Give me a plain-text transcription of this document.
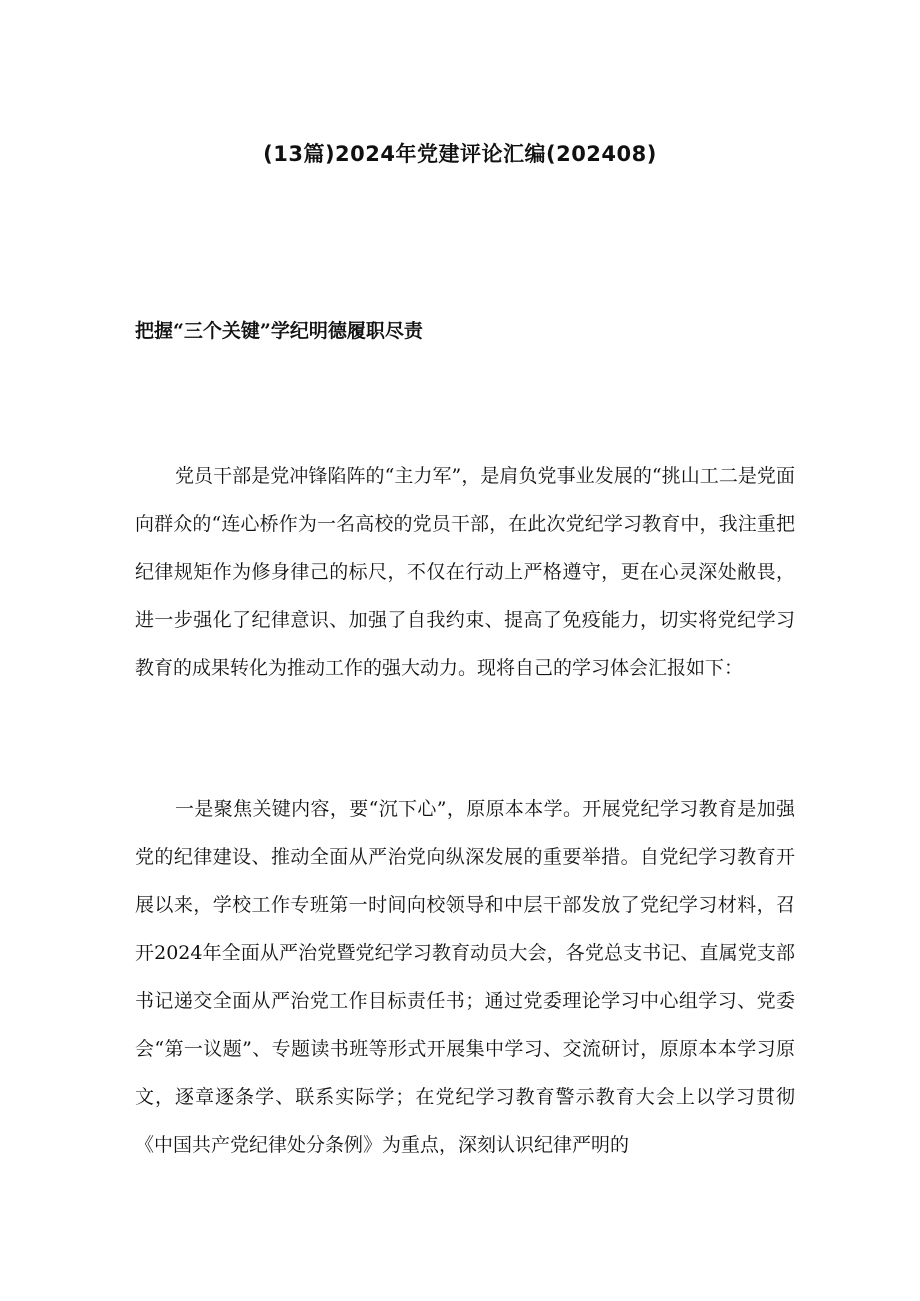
(13篇)2024年党建评论汇编(202408)
把握“三个关键”学纪明德履职尽责

党员干部是党冲锋陷阵的“主力军”，是肩负党事业发展的“挑山工二是党面向群众的“连心桥作为一名高校的党员干部，在此次党纪学习教育中，我注重把纪律规矩作为修身律己的标尺，不仅在行动上严格遵守，更在心灵深处敝畏，进一步强化了纪律意识、加强了自我约束、提高了免疫能力，切实将党纪学习教育的成果转化为推动工作的强大动力。现将自己的学习体会汇报如下：

一是聚焦关键内容，要“沉下心”，原原本本学。开展党纪学习教育是加强党的纪律建设、推动全面从严治党向纵深发展的重要举措。自党纪学习教育开展以来，学校工作专班第一时间向校领导和中层干部发放了党纪学习材料，召开2024年全面从严治党暨党纪学习教育动员大会，各党总支书记、直属党支部书记递交全面从严治党工作目标责任书；通过党委理论学习中心组学习、党委会“第一议题”、专题读书班等形式开展集中学习、交流研讨，原原本本学习原文，逐章逐条学、联系实际学；在党纪学习教育警示教育大会上以学习贯彻《中国共产党纪律处分条例》为重点，深刻认识纪律严明的
